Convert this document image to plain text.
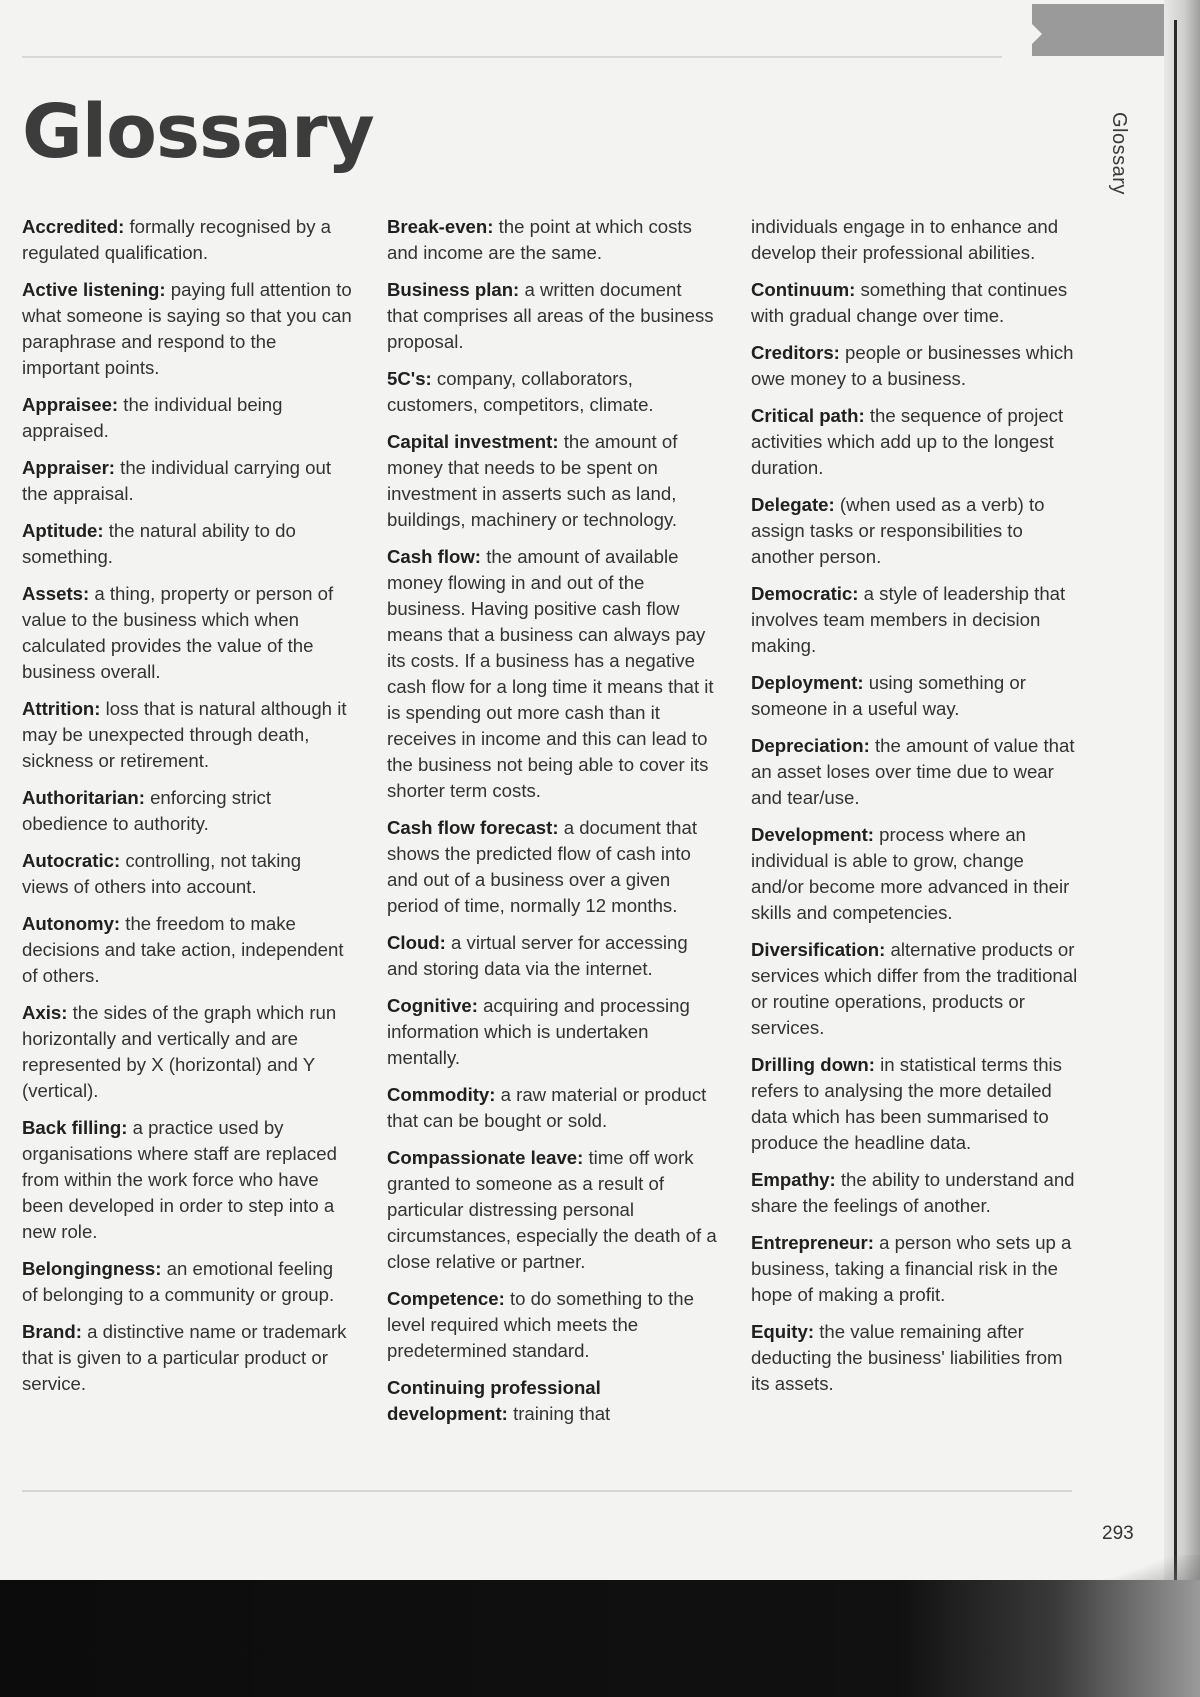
Glossary	Glossary

Accredited: formally recognised by a regulated qualification.

Active listening: paying full attention to what someone is saying so that you can paraphrase and respond to the important points.

Appraisee: the individual being appraised.

Appraiser: the individual carrying out the appraisal.

Aptitude: the natural ability to do something.

Assets: a thing, property or person of value to the business which when calculated provides the value of the business overall.

Attrition: loss that is natural although it may be unexpected through death, sickness or retirement.

Authoritarian: enforcing strict obedience to authority.

Autocratic: controlling, not taking views of others into account.

Autonomy: the freedom to make decisions and take action, independent of others.

Axis: the sides of the graph which run horizontally and vertically and are represented by X (horizontal) and Y (vertical).

Back filling: a practice used by organisations where staff are replaced from within the work force who have been developed in order to step into a new role.

Belongingness: an emotional feeling of belonging to a community or group.

Brand: a distinctive name or trademark that is given to a particular product or service.

Break-even: the point at which costs and income are the same.

Business plan: a written document that comprises all areas of the business proposal.

5C's: company, collaborators, customers, competitors, climate.

Capital investment: the amount of money that needs to be spent on investment in asserts such as land, buildings, machinery or technology.

Cash flow: the amount of available money flowing in and out of the business. Having positive cash flow means that a business can always pay its costs. If a business has a negative cash flow for a long time it means that it is spending out more cash than it receives in income and this can lead to the business not being able to cover its shorter term costs.

Cash flow forecast: a document that shows the predicted flow of cash into and out of a business over a given period of time, normally 12 months.

Cloud: a virtual server for accessing and storing data via the internet.

Cognitive: acquiring and processing information which is undertaken mentally.

Commodity: a raw material or product that can be bought or sold.

Compassionate leave: time off work granted to someone as a result of particular distressing personal circumstances, especially the death of a close relative or partner.

Competence: to do something to the level required which meets the predetermined standard.

Continuing professional development: training that

individuals engage in to enhance and develop their professional abilities.

Continuum: something that continues with gradual change over time.

Creditors: people or businesses which owe money to a business.

Critical path: the sequence of project activities which add up to the longest duration.

Delegate: (when used as a verb) to assign tasks or responsibilities to another person.

Democratic: a style of leadership that involves team members in decision making.

Deployment: using something or someone in a useful way.

Depreciation: the amount of value that an asset loses over time due to wear and tear/use.

Development: process where an individual is able to grow, change and/or become more advanced in their skills and competencies.

Diversification: alternative products or services which differ from the traditional or routine operations, products or services.

Drilling down: in statistical terms this refers to analysing the more detailed data which has been summarised to produce the headline data.

Empathy: the ability to understand and share the feelings of another.

Entrepreneur: a person who sets up a business, taking a financial risk in the hope of making a profit.

Equity: the value remaining after deducting the business' liabilities from its assets.

293
